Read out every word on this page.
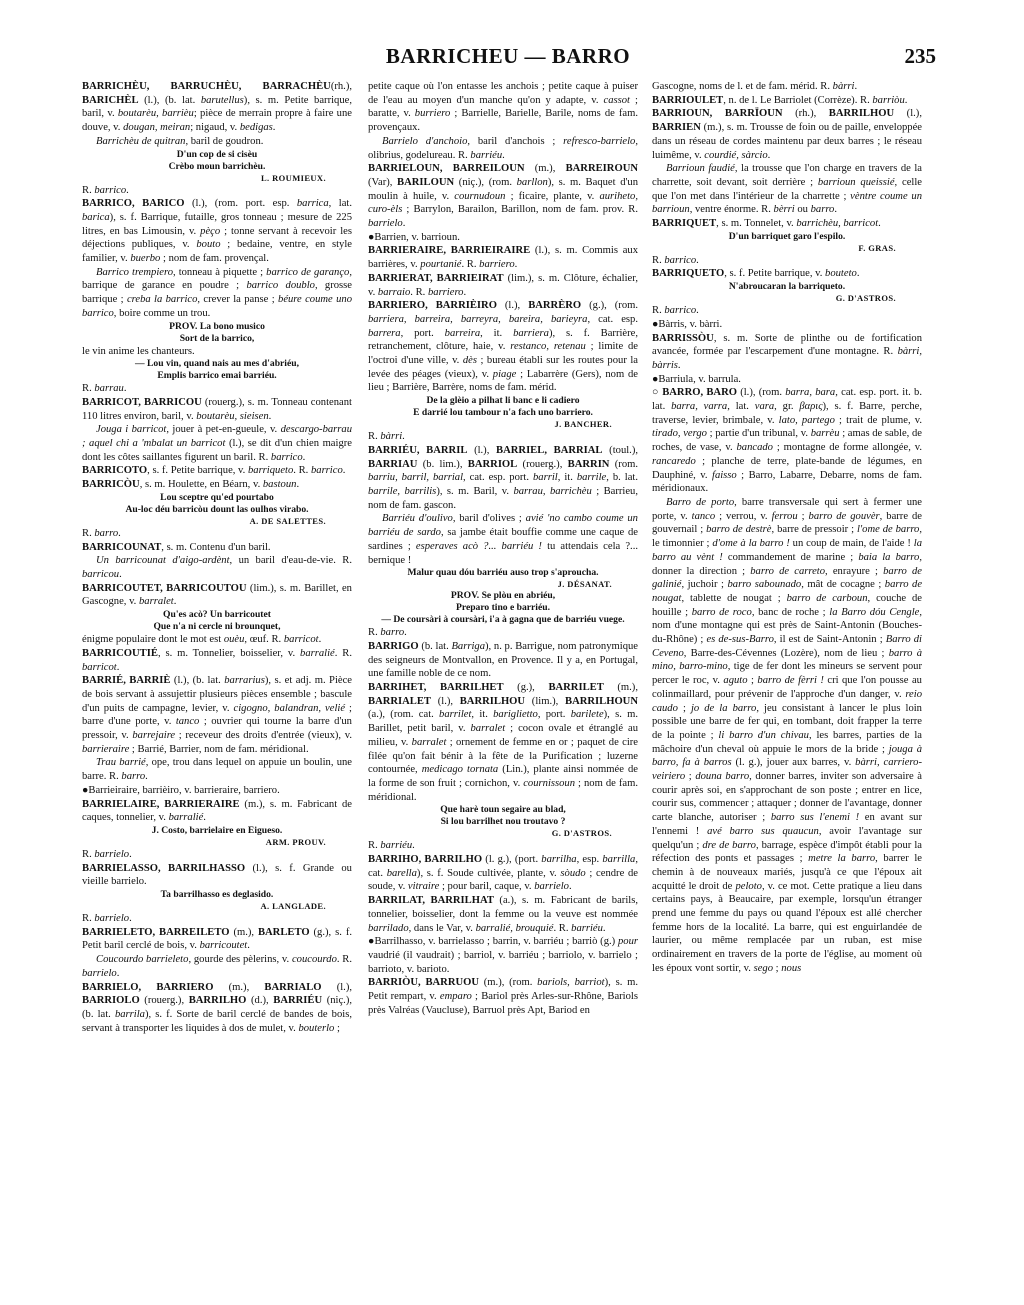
BARRICHEU — BARRO	235

BARRICHÈU, BARRUCHÈU, BARRACHÈU(rh.), BARICHÈL (l.), (b. lat. barutellus), s. m. Petite barrique, baril, v. boutarèu, barrièu; pièce de merrain propre à faire une douve, v. dougan, meiran; nigaud, v. bedigas.

Barrichèu de quitran, baril de goudron.

D'un cop de si cisèu
Crèbo moun barrichèu.

L. ROUMIEUX.

R. barrico.

BARRICO, BARICO (l.), (rom. port. esp. barrica, lat. barica), s. f. Barrique, futaille, gros tonneau ; mesure de 225 litres, en bas Limousin, v. pèço ; tonne servant à recevoir les déjections publiques, v. bouto ; bedaine, ventre, en style familier, v. buerbo ; nom de fam. provençal.

Barrico trempiero, tonneau à piquette ; barrico de garanço, barrique de garance en poudre ; barrico doublo, grosse barrique ; creba la barrico, crever la panse ; béure coume uno barrico, boire comme un trou.

PROV. La bono musico
Sort de la barrico,

le vin anime les chanteurs.

— Lou vin, quand nais au mes d'abriéu,
Emplis barrico emai barriéu.

R. barrau.

BARRICOT, BARRICOU (rouerg.), s. m. Tonneau contenant 110 litres environ, baril, v. boutarèu, sieisen.

Jouga i barricot, jouer à pet-en-gueule, v. descargo-barrau ; aquel chi a 'mbalat un barricot (l.), se dit d'un chien maigre dont les côtes saillantes figurent un baril. R. barrico.

BARRICOTO, s. f. Petite barrique, v. barriqueto. R. barrico.

BARRICÒU, s. m. Houlette, en Béarn, v. bastoun.

Lou sceptre qu'ed pourtabo
Au-loc déu barricòu dount las oulhos virabo.

A. DE SALETTES.

R. barro.

BARRICOUNAT, s. m. Contenu d'un baril.

Un barricounat d'aigo-ardènt, un baril d'eau-de-vie. R. barricou.

BARRICOUTET, BARRICOUTOU (lim.), s. m. Barillet, en Gascogne, v. barralet.

Qu'es acò? Un barricoutet
Que n'a ni cercle ni brounquet,

énigme populaire dont le mot est ouèu, œuf. R. barricot.

BARRICOUTIÉ, s. m. Tonnelier, boisselier, v. barralié. R. barricot.

BARRIÉ, BARRIÈ (l.), (b. lat. barrarius), s. et adj. m. Pièce de bois servant à assujettir plusieurs pièces ensemble ; bascule d'un puits de campagne, levier, v. cigogno, balandran, velié ; barre d'une porte, v. tanco ; ouvrier qui tourne la barre d'un pressoir, v. barrejaire ; receveur des droits d'entrée (vieux), v. barrieraire ; Barrié, Barrier, nom de fam. méridional.

Trau barrié, ope, trou dans lequel on appuie un boulin, une barre. R. barro.

●Barrieiraire, barrièiro, v. barrieraire, barriero.

BARRIELAIRE, BARRIERAIRE (m.), s. m. Fabricant de caques, tonnelier, v. barralié.

J. Costo, barrielaire en Eigueso.

ARM. PROUV.

R. barrielo.

BARRIELASSO, BARRILHASSO (l.), s. f. Grande ou vieille barrielo.

Ta barrilhasso es deglasido.

A. LANGLADE.

R. barrielo.

BARRIELETO, BARREILETO (m.), BARLETO (g.), s. f. Petit baril cerclé de bois, v. barricoutet.

Coucourdo barrieleto, gourde des pèlerins, v. coucourdo. R. barrielo.

BARRIELO, BARRIERO (m.), BARRIALO (l.), BARRIOLO (rouerg.), BARRILHO (d.), BARRIÉU (niç.), (b. lat. barrila), s. f. Sorte de baril cerclé de bandes de bois, servant à transporter les liquides à dos de mulet, v. bouterlo ;

petite caque où l'on entasse les anchois ; petite caque à puiser de l'eau au moyen d'un manche qu'on y adapte, v. cassot ; baratte, v. burriero ; Barrielle, Barielle, Barile, noms de fam. provençaux.

Barrielo d'anchoio, baril d'anchois ; refresco-barrielo, olibrius, godelureau. R. barriéu.

BARRIELOUN, BARREILOUN (m.), BARREIROUN (Var), BARILOUN (niç.), (rom. barllon), s. m. Baquet d'un moulin à huile, v. cournudoun ; ficaire, plante, v. auriheto, curo-èls ; Barrylon, Barailon, Barillon, nom de fam. prov. R. barrielo.

●Barrien, v. barrioun.

BARRIERAIRE, BARRIEIRAIRE (l.), s. m. Commis aux barrières, v. pourtanié. R. barriero.

BARRIERAT, BARRIEIRAT (lim.), s. m. Clôture, échalier, v. barraio. R. barriero.

BARRIERO, BARRIÈIRO (l.), BARRÈRO (g.), (rom. barriera, barreira, barreyra, bareira, barieyra, cat. esp. barrera, port. barreira, it. barriera), s. f. Barrière, retranchement, clôture, haie, v. restanco, retenau ; limite de l'octroi d'une ville, v. dès ; bureau établi sur les routes pour la levée des péages (vieux), v. piage ; Labarrère (Gers), nom de lieu ; Barrière, Barrère, noms de fam. mérid.

De la glèio a pilhat li banc e li cadiero
E darrié lou tambour n'a fach uno barriero.

J. BANCHER.

R. bàrri.

BARRIÉU, BARRIL (l.), BARRIEL, BARRIAL (toul.), BARRIAU (b. lim.), BARRIOL (rouerg.), BARRIN (rom. barriu, barril, barrial, cat. esp. port. barril, it. barrile, b. lat. barrile, barrilis), s. m. Baril, v. barrau, barrichèu ; Barrieu, nom de fam. gascon.

Barriéu d'oulivo, baril d'olives ; avié 'no cambo coume un barriéu de sardo, sa jambe était bouffie comme une caque de sardines ; esperaves acò ?... barriéu ! tu attendais cela ?... bernique !

Malur quau dóu barriéu auso trop s'aproucha.

J. DÉSANAT.

PROV. Se plòu en abriéu,
Preparo tino e barriéu.

— De coursàri à coursàri, i'a à gagna que de barriéu vuege.

R. barro.

BARRIGO (b. lat. Barriga), n. p. Barrigue, nom patronymique des seigneurs de Montvallon, en Provence. Il y a, en Portugal, une famille noble de ce nom.

BARRIHET, BARRILHET (g.), BARRILET (m.), BARRIALET (l.), BARRILHOU (lim.), BARRILHOUN (a.), (rom. cat. barrilet, it. bariglietto, port. barilete), s. m. Barillet, petit baril, v. barralet ; cocon ovale et étranglé au milieu, v. barralet ; ornement de femme en or ; paquet de cire filée qu'on fait bénir à la fête de la Purification ; luzerne contournée, medicago tornata (Lin.), plante ainsi nommée de la forme de son fruit ; cornichon, v. cournissoun ; nom de fam. méridional.

Que harè toun segaire au blad,
Si lou barrilhet nou troutavo ?

G. D'ASTROS.

R. barriéu.

BARRIHO, BARRILHO (l. g.), (port. barrilha, esp. barrilla, cat. barella), s. f. Soude cultivée, plante, v. sòudo ; cendre de soude, v. vitraire ; pour baril, caque, v. barrielo.

BARRILAT, BARRILHAT (a.), s. m. Fabricant de barils, tonnelier, boisselier, dont la femme ou la veuve est nommée barrilado, dans le Var, v. barralié, brouquié. R. barriéu.

●Barrilhasso, v. barrielasso ; barrin, v. barriéu ; barriò (g.) pour vaudrié (il vaudrait) ; barriol, v. barriéu ; barriolo, v. barrielo ; barrioto, v. barioto.

BARRIÒU, BARRUOU (m.), (rom. bariols, barriot), s. m. Petit rempart, v. emparo ; Bariol près Arles-sur-Rhône, Bariols près Valréas (Vaucluse), Barruol près Apt, Bariod en

Gascogne, noms de l. et de fam. mérid. R. bàrri.

BARRIOULET, n. de l. Le Barriolet (Corrèze). R. barriòu.

BARRIOUN, BARRÏOUN (rh.), BARRILHOU (l.), BARRIEN (m.), s. m. Trousse de foin ou de paille, enveloppée dans un réseau de cordes maintenu par deux barres ; le réseau luimême, v. courdié, sàrcio.

Barrioun faudié, la trousse que l'on charge en travers de la charrette, soit devant, soit derrière ; barrioun queissié, celle que l'on met dans l'intérieur de la charrette ; vèntre coume un barrioun, ventre énorme. R. bèrri ou barro.

BARRIQUET, s. m. Tonnelet, v. barrichèu, barricot.

D'un barriquet garo l'espilo.

F. GRAS.

R. barrico.

BARRIQUETO, s. f. Petite barrique, v. bouteto.

N'abroucaran la barriqueto.

G. D'ASTROS.

R. barrico.

●Bàrris, v. bàrri.

BARRISSÒU, s. m. Sorte de plinthe ou de fortification avancée, formée par l'escarpement d'une montagne. R. bàrri, bàrris.

●Barriula, v. barrula.

○ BARRO, BARO (l.), (rom. barra, bara, cat. esp. port. it. b. lat. barra, varra, lat. vara, gr. βαρις), s. f. Barre, perche, traverse, levier, brimbale, v. lato, partego ; trait de plume, v. tirado, vergo ; partie d'un tribunal, v. barrèu ; amas de sable, de roches, de vase, v. bancado ; montagne de forme allongée, v. rancaredo ; planche de terre, plate-bande de légumes, en Dauphiné, v. faisso ; Barro, Labarre, Debarre, noms de fam. méridionaux.

Barro de porto, barre transversale qui sert à fermer une porte, v. tanco ; verrou, v. ferrou ; barro de gouvèr, barre de gouvernail ; barro de destrè, barre de pressoir ; l'ome de barro, le timonnier ; d'ome à la barro ! un coup de main, de l'aide ! la barro au vènt ! commandement de marine ; baia la barro, donner la direction ; barro de carreto, enrayure ; barro de galinié, juchoir ; barro sabounado, mât de cocagne ; barro de nougat, tablette de nougat ; barro de carboun, couche de houille ; barro de roco, banc de roche ; la Barro dóu Cengle, nom d'une montagne qui est près de Saint-Antonin (Bouches-du-Rhône) ; es de-sus-Barro, il est de Saint-Antonin ; Barro di Ceveno, Barre-des-Cévennes (Lozère), nom de lieu ; barro à mino, barro-mino, tige de fer dont les mineurs se servent pour percer le roc, v. aguto ; barro de fèrri ! cri que l'on pousse au colinmaillard, pour prévenir de l'approche d'un danger, v. reio caudo ; jo de la barro, jeu consistant à lancer le plus loin possible une barre de fer qui, en tombant, doit frapper la terre de la pointe ; li barro d'un chivau, les barres, parties de la mâchoire d'un cheval où appuie le mors de la bride ; jouga à barro, fa à barros (l. g.), jouer aux barres, v. bàrri, carriero-veiriero ; douna barro, donner barres, inviter son adversaire à courir après soi, en s'approchant de son poste ; entrer en lice, courir sus, commencer ; attaquer ; donner de l'avantage, donner carte blanche, autoriser ; barro sus l'enemi ! en avant sur l'ennemi ! avé barro sus quaucun, avoir l'avantage sur quelqu'un ; dre de barro, barrage, espèce d'impôt établi pour la réfection des ponts et passages ; metre la barro, barrer le chemin à de nouveaux mariés, jusqu'à ce que l'époux ait acquitté le droit de peloto, v. ce mot. Cette pratique a lieu dans certains pays, à Beaucaire, par exemple, lorsqu'un étranger prend une femme du pays ou quand l'époux est allé chercher femme hors de la localité. La barre, qui est enguirlandée de laurier, ou même remplacée par un ruban, est mise ordinairement en travers de la porte de l'église, au moment où les époux vont sortir, v. sego ; nous
